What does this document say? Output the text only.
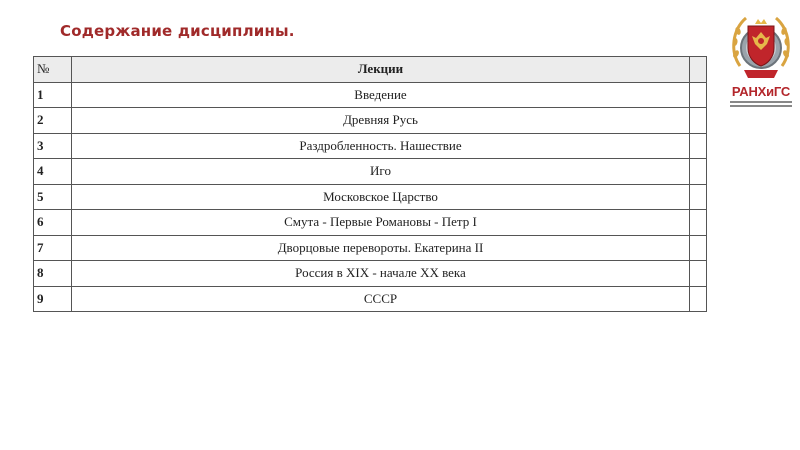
Содержание дисциплины.
РАНХиГС
№	Лекции	
1	Введение	
2	Древняя Русь	
3	Раздробленность. Нашествие	
4	Иго	
5	Московское Царство	
6	Смута - Первые Романовы - Петр I	
7	Дворцовые перевороты. Екатерина II	
8	Россия в XIX - начале XX века	
9	СССР	
